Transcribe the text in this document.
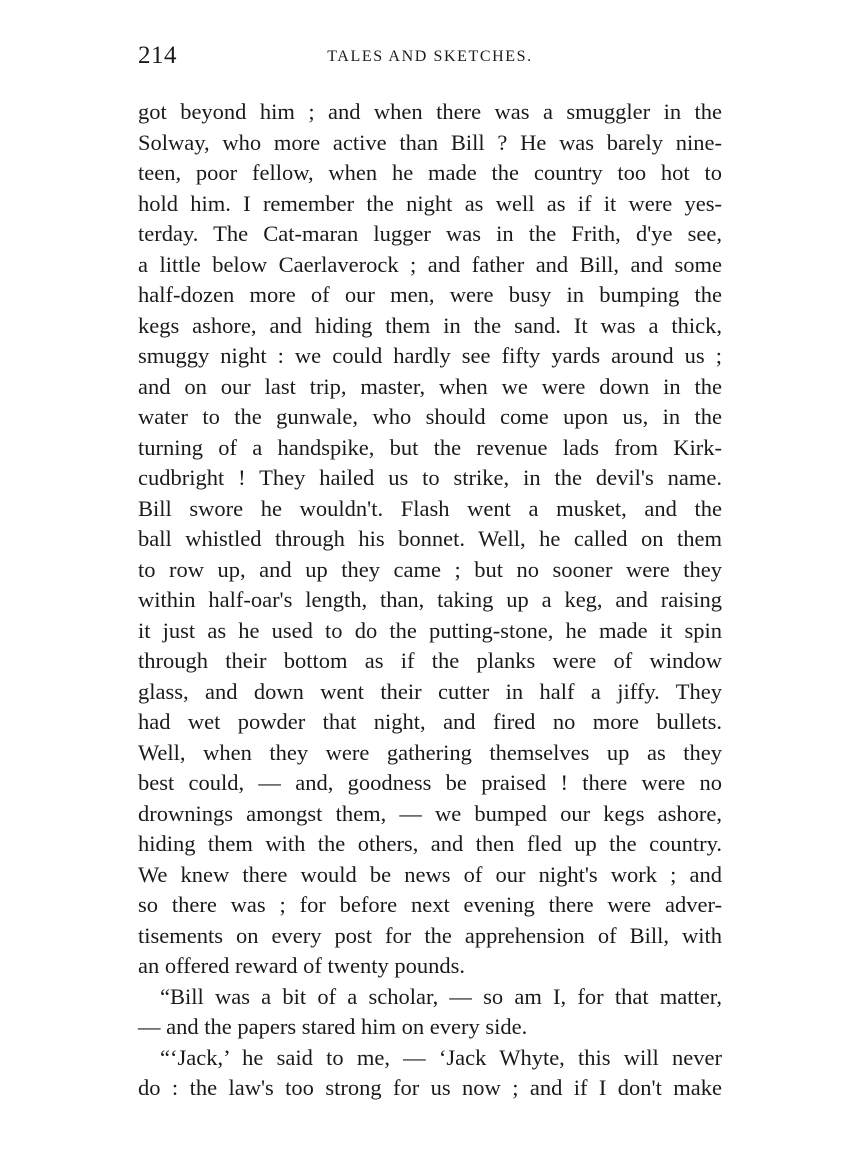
214	TALES AND SKETCHES.
got beyond him ; and when there was a smuggler in the
Solway, who more active than Bill ? He was barely nine-
teen, poor fellow, when he made the country too hot to
hold him. I remember the night as well as if it were yes-
terday. The Cat-maran lugger was in the Frith, d'ye see,
a little below Caerlaverock ; and father and Bill, and some
half-dozen more of our men, were busy in bumping the
kegs ashore, and hiding them in the sand. It was a thick,
smuggy night : we could hardly see fifty yards around us ;
and on our last trip, master, when we were down in the
water to the gunwale, who should come upon us, in the
turning of a handspike, but the revenue lads from Kirk-
cudbright ! They hailed us to strike, in the devil's name.
Bill swore he wouldn't. Flash went a musket, and the
ball whistled through his bonnet. Well, he called on them
to row up, and up they came ; but no sooner were they
within half-oar's length, than, taking up a keg, and raising
it just as he used to do the putting-stone, he made it spin
through their bottom as if the planks were of window
glass, and down went their cutter in half a jiffy. They
had wet powder that night, and fired no more bullets.
Well, when they were gathering themselves up as they
best could, — and, goodness be praised ! there were no
drownings amongst them, — we bumped our kegs ashore,
hiding them with the others, and then fled up the country.
We knew there would be news of our night's work ; and
so there was ; for before next evening there were adver-
tisements on every post for the apprehension of Bill, with
an offered reward of twenty pounds.
“Bill was a bit of a scholar, — so am I, for that matter,
— and the papers stared him on every side.
“‘Jack,’ he said to me, — ‘Jack Whyte, this will never
do : the law's too strong for us now ; and if I don't make
